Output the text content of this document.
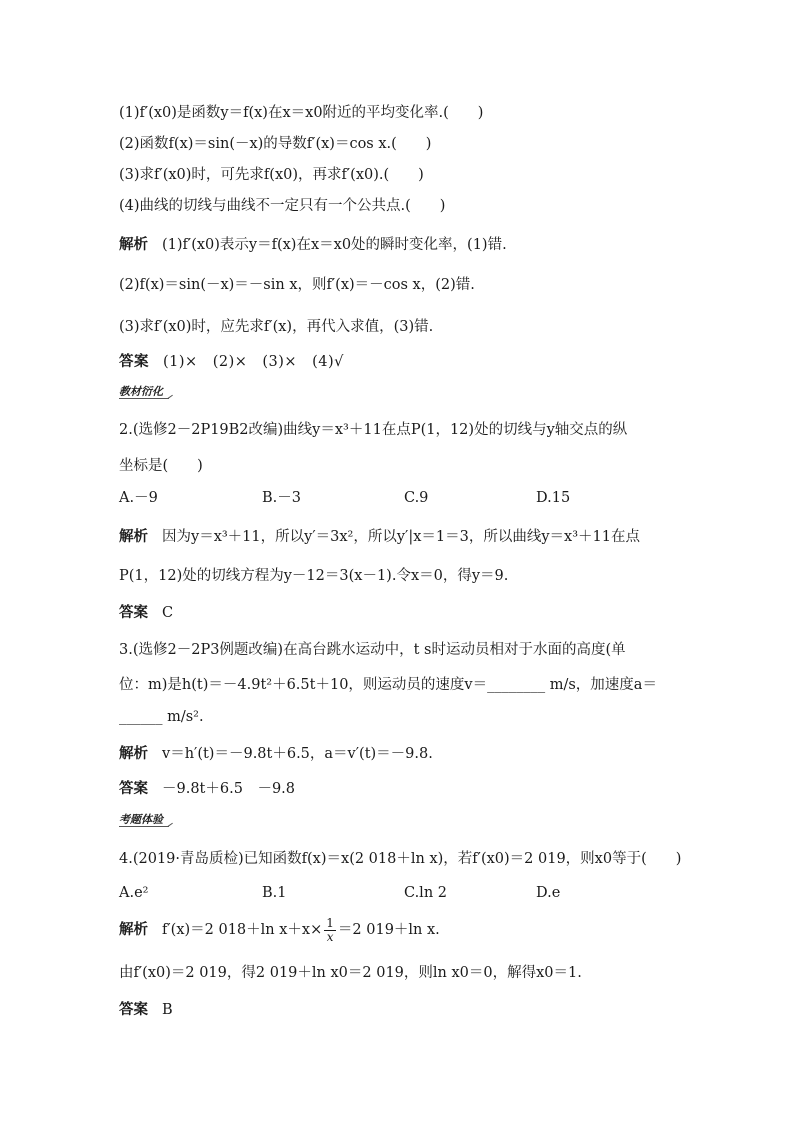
(1)f′(x0)是函数y＝f(x)在x＝x0附近的平均变化率.(　　)
(2)函数f(x)＝sin(－x)的导数f′(x)＝cos x.(　　)
(3)求f′(x0)时，可先求f(x0)，再求f′(x0).(　　)
(4)曲线的切线与曲线不一定只有一个公共点.(　　)
解析 (1)f′(x0)表示y＝f(x)在x＝x0处的瞬时变化率，(1)错.
(2)f(x)＝sin(－x)＝－sin x，则f′(x)＝－cos x，(2)错.
(3)求f′(x0)时，应先求f′(x)，再代入求值，(3)错.
答案 (1)×　(2)×　(3)×　(4)√
教材衍化
2.(选修2－2P19B2改编)曲线y＝x³＋11在点P(1，12)处的切线与y轴交点的纵
坐标是(　　)
A.－9	B.－3	C.9	D.15
解析 因为y＝x³＋11，所以y′＝3x²，所以y′|x＝1＝3，所以曲线y＝x³＋11在点
P(1，12)处的切线方程为y－12＝3(x－1).令x＝0，得y＝9.
答案 C
3.(选修2－2P3例题改编)在高台跳水运动中，t s时运动员相对于水面的高度(单
位：m)是h(t)＝－4.9t²＋6.5t＋10，则运动员的速度v＝________ m/s，加速度a＝
______ m/s².
解析 v＝h′(t)＝－9.8t＋6.5，a＝v′(t)＝－9.8.
答案 －9.8t＋6.5　－9.8
考题体验
4.(2019·青岛质检)已知函数f(x)＝x(2 018＋ln x)，若f′(x0)＝2 019，则x0等于(　　)
A.e²	B.1	C.ln 2	D.e
解析 f′(x)＝2 018＋ln $x+x\times \frac{1}{x} =2$ 019＋ln x.
由f′(x0)＝2 019，得2 019＋ln x0＝2 019，则ln x0＝0，解得x0＝1.
答案 B
